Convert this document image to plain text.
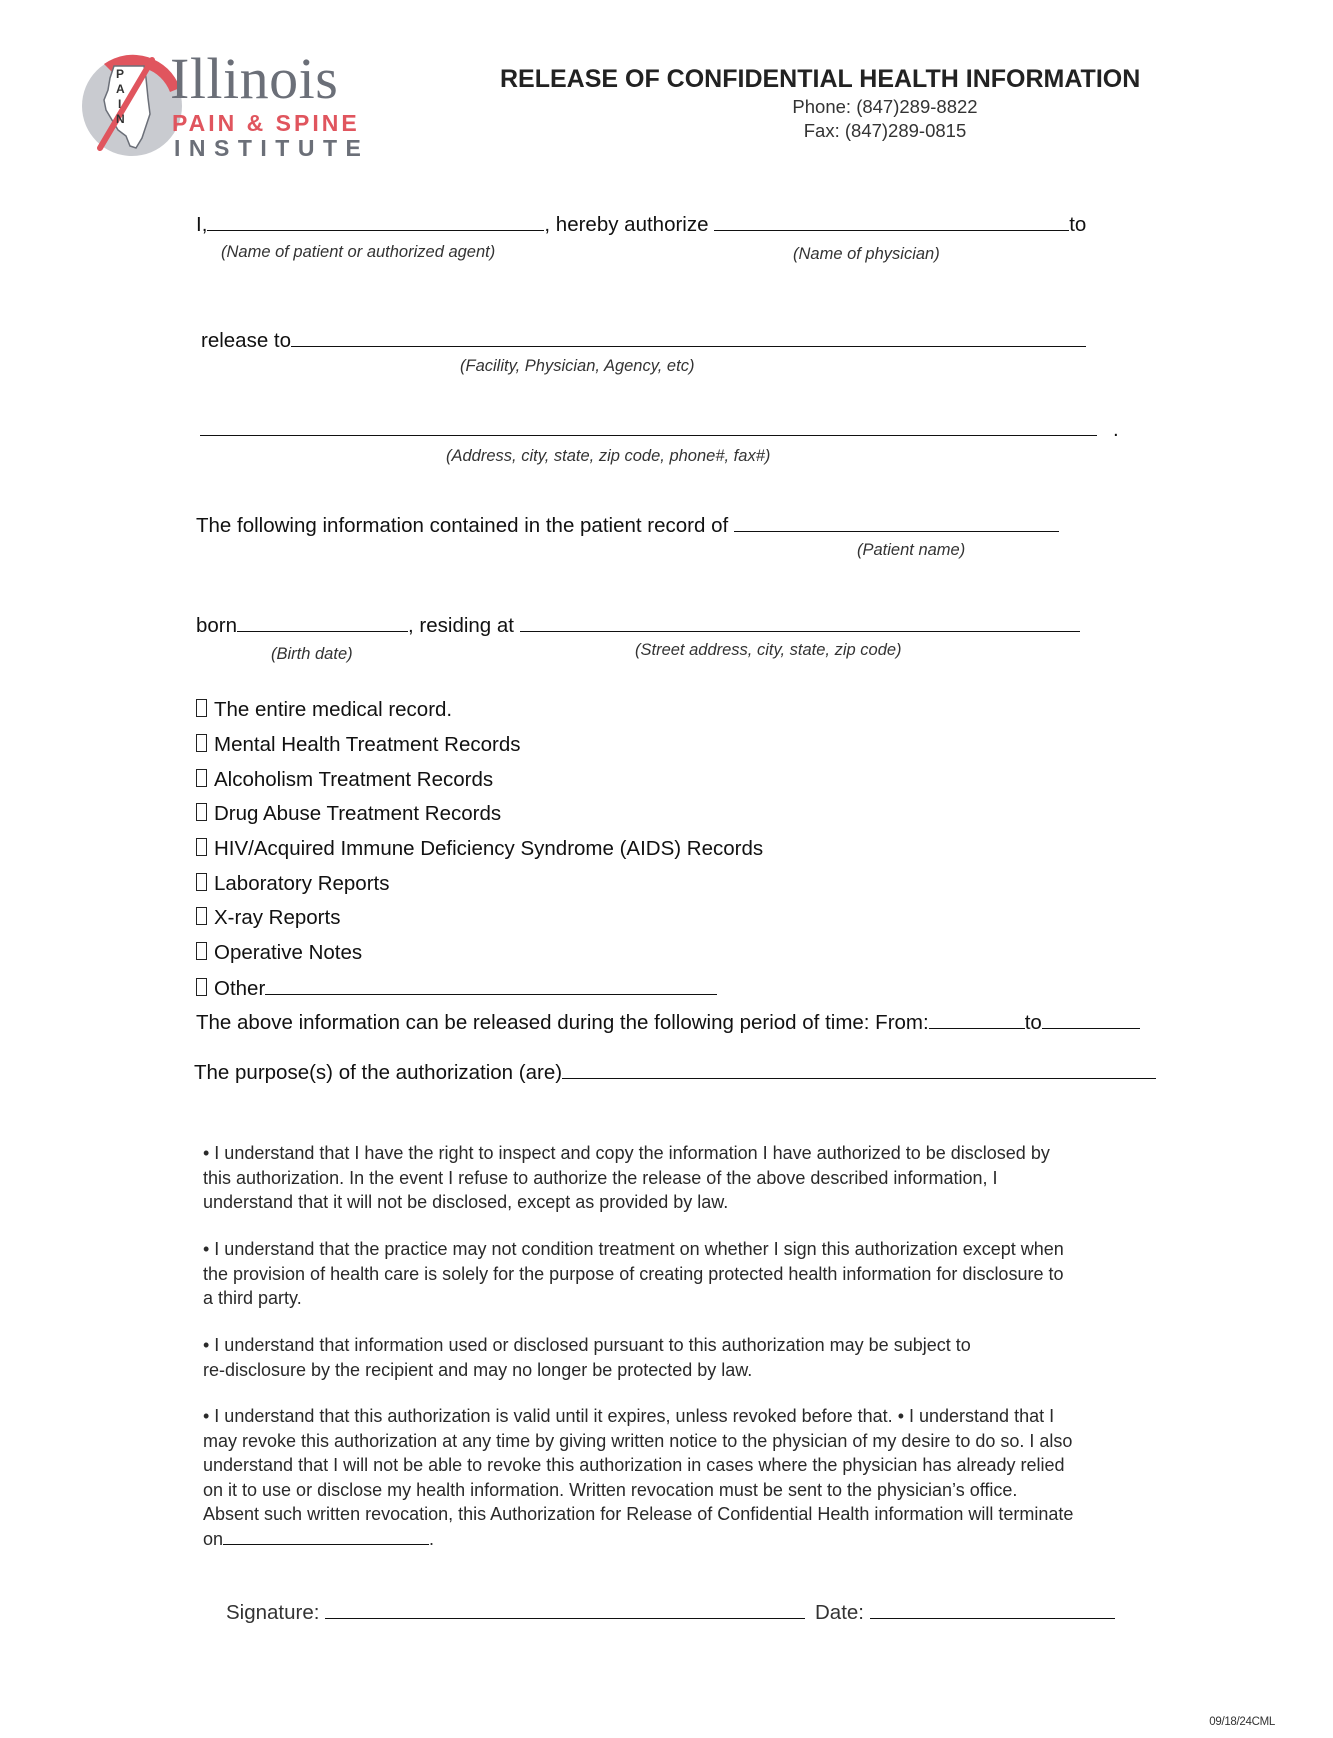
P
A
I
N
Illinois
PAIN & SPINE
INSTITUTE
RELEASE OF CONFIDENTIAL HEALTH INFORMATION
Phone: (847)289-8822
Fax: (847)289-0815
I,	, hereby authorize	to
(Name of patient or authorized agent)	(Name of physician)
release to
(Facility, Physician, Agency, etc)
.
(Address, city, state, zip code, phone#, fax#)
The following information contained in the patient record of
(Patient name)
born	, residing at
(Birth date)	(Street address, city, state, zip code)
The entire medical record.
Mental Health Treatment Records
Alcoholism Treatment Records
Drug Abuse Treatment Records
HIV/Acquired Immune Deficiency Syndrome (AIDS) Records
Laboratory Reports
X-ray Reports
Operative Notes
Other
The above information can be released during the following period of time: From:	to
The purpose(s) of the authorization (are)

• I understand that I have the right to inspect and copy the information I have authorized to be disclosed by

this authorization. In the event I refuse to authorize the release of the above described information, I

understand that it will not be disclosed, except as provided by law.

• I understand that the practice may not condition treatment on whether I sign this authorization except when

the provision of health care is solely for the purpose of creating protected health information for disclosure to

a third party.

• I understand that information used or disclosed pursuant to this authorization may be subject to

re-disclosure by the recipient and may no longer be protected by law.

• I understand that this authorization is valid until it expires, unless revoked before that. • I understand that I

may revoke this authorization at any time by giving written notice to the physician of my desire to do so. I also

understand that I will not be able to revoke this authorization in cases where the physician has already relied

on it to use or disclose my health information. Written revocation must be sent to the physician’s office.

Absent such written revocation, this Authorization for Release of Confidential Health information will terminate

on	.

Signature:	Date:
09/18/24CML
